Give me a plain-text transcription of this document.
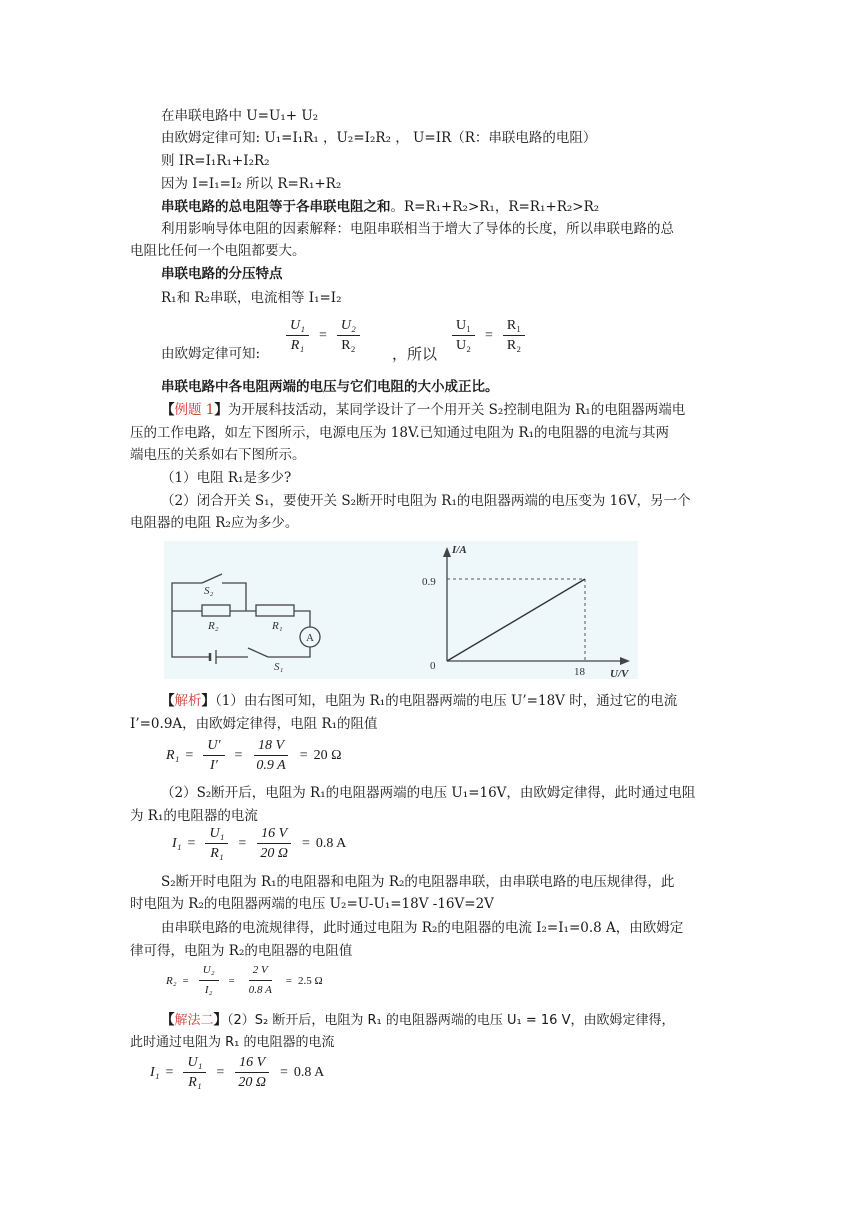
在串联电路中 U=U₁+ U₂
由欧姆定律可知: U₁=I₁R₁ ，U₂=I₂R₂ ， U=IR（R：串联电路的电阻）
则 IR=I₁R₁+I₂R₂
因为 I=I₁=I₂ 所以 R=R₁+R₂
串联电路的总电阻等于各串联电阻之和。R=R₁+R₂>R₁，R=R₁+R₂>R₂
利用影响导体电阻的因素解释：电阻串联相当于增大了导体的长度，所以串联电路的总
电阻比任何一个电阻都要大。
串联电路的分压特点
R₁和 R₂串联，电流相等 I₁=I₂
由欧姆定律可知: $\frac{\text{U₁}}{\text{R₁}} = \frac{\text{U₂}}{\text{R₂}}$ ，所以 $\frac{\text{U₁}}{\text{U₂}} = \frac{\text{R₁}}{\text{R₂}}$
串联电路中各电阻两端的电压与它们电阻的大小成正比。
【例题 1】为开展科技活动，某同学设计了一个用开关 S₂控制电阻为 R₁的电阻器两端电
压的工作电路，如左下图所示，电源电压为 18V.已知通过电阻为 R₁的电阻器的电流与其两
端电压的关系如右下图所示。
（1）电阻 R₁是多少?
（2）闭合开关 S₁，要使开关 S₂断开时电阻为 R₁的电阻器两端的电压变为 16V，另一个
电阻器的电阻 R₂应为多少。
S₂
R₂	R₁
A
S₁
I/A
U/V
0.9
18
0
【解析】（1）由右图可知，电阻为 R₁的电阻器两端的电压 U’=18V 时，通过它的电流
I’=0.9A，由欧姆定律得，电阻 R₁的阻值
$R_1 = \frac{U'}{I'} = \frac{18 V}{0.9 A} = 20$ Ω
（2）S₂断开后，电阻为 R₁的电阻器两端的电压 U₁=16V，由欧姆定律得，此时通过电阻
为 R₁的电阻器的电流
$I_1 = \frac{\text{U₁}}{\text{R₁}} = \frac{16 V}{20 \Omega} = 0.8$ A
S₂断开时电阻为 R₁的电阻器和电阻为 R₂的电阻器串联，由串联电路的电压规律得，此
时电阻为 R₂的电阻器两端的电压 U₂=U-U₁=18V -16V=2V
由串联电路的电流规律得，此时通过电阻为 R₂的电阻器的电流 I₂=I₁=0.8 A，由欧姆定
律可得，电阻为 R₂的电阻器的电阻值
$R_2 = \frac{\text{U₂}}{\text{I₂}} = \frac{2 V}{0.8 A} = 2.5$ Ω
【解法二】（2）S₂ 断开后，电阻为 R₁ 的电阻器两端的电压 U₁ = 16 V，由欧姆定律得，
此时通过电阻为 R₁ 的电阻器的电流
$I_1 = \frac{\text{U₁}}{\text{R₁}} = \frac{16 V}{20 \Omega} = 0.8$ A
